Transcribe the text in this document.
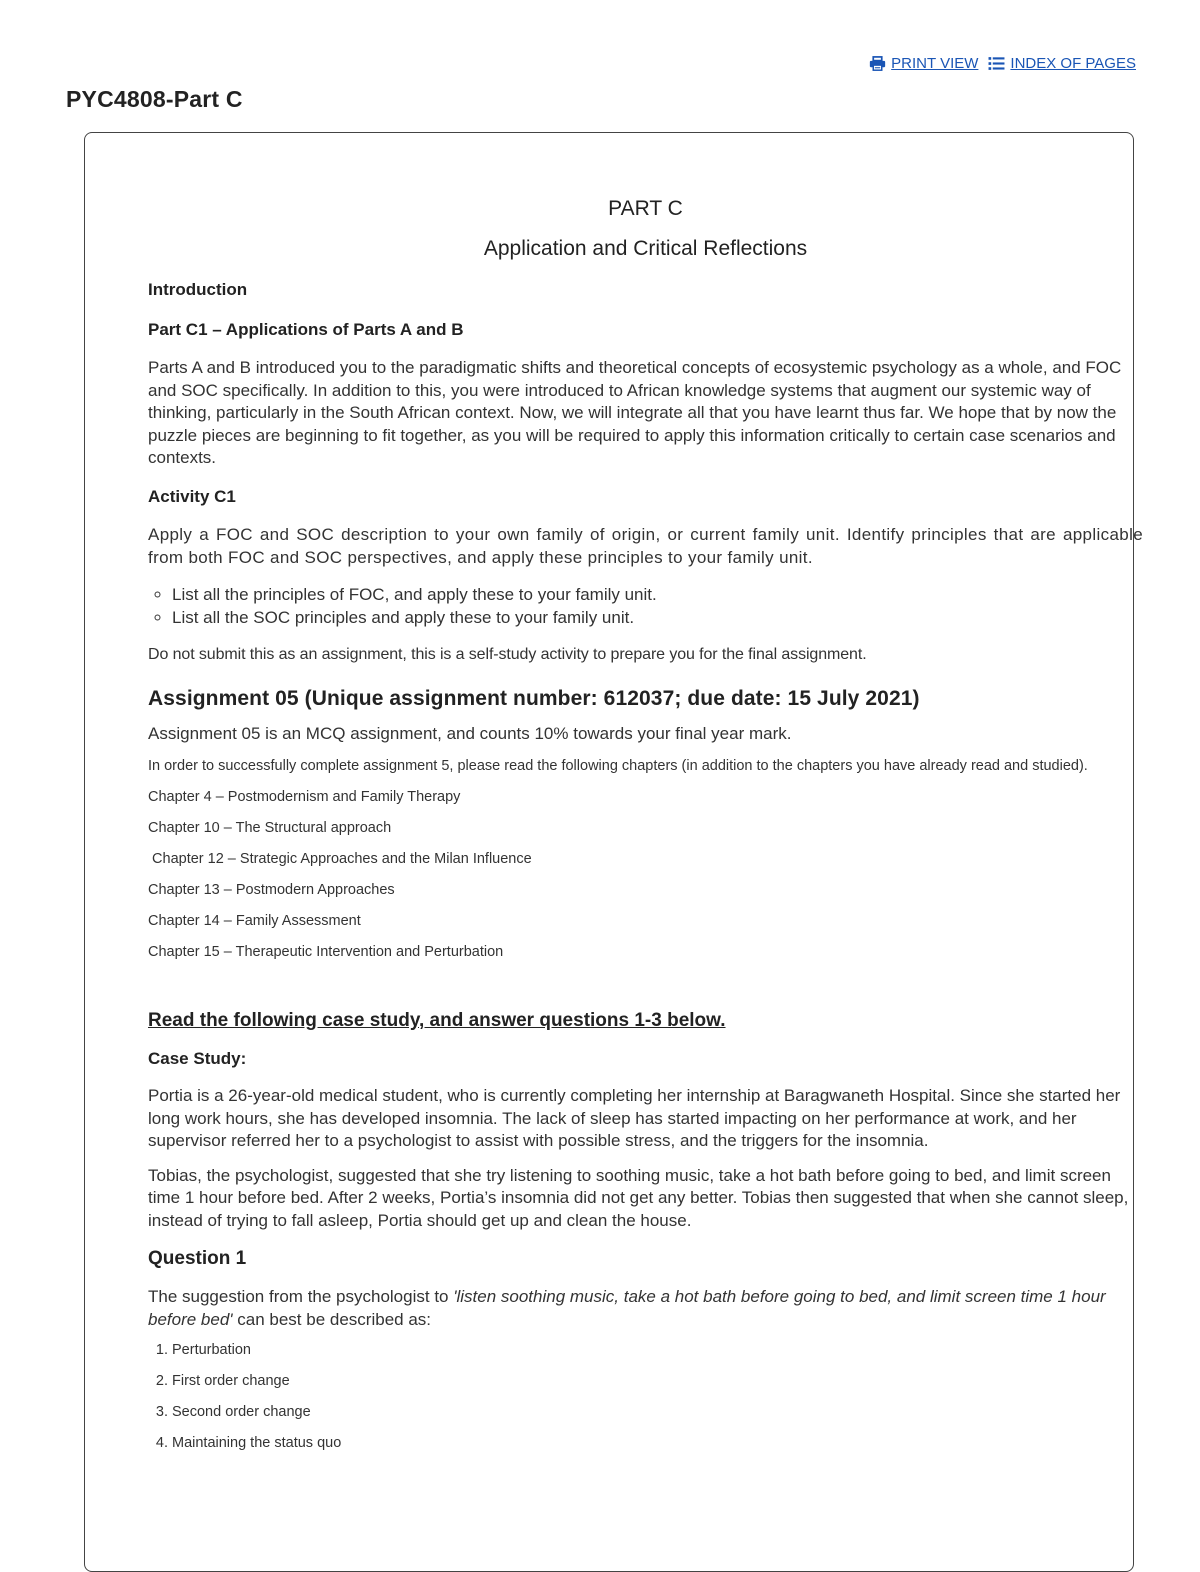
PRINT VIEW INDEX OF PAGES
PYC4808-Part C
PART C
Application and Critical Reflections

Introduction

Part C1 – Applications of Parts A and B

Parts A and B introduced you to the paradigmatic shifts and theoretical concepts of ecosystemic psychology as a whole, and FOC and SOC specifically. In addition to this, you were introduced to African knowledge systems that augment our systemic way of thinking, particularly in the South African context. Now, we will integrate all that you have learnt thus far. We hope that by now the puzzle pieces are beginning to fit together, as you will be required to apply this information critically to certain case scenarios and contexts.

Activity C1

Apply a FOC and SOC description to your own family of origin, or current family unit. Identify principles that are applicable from both FOC and SOC perspectives, and apply these principles to your family unit.

◦ List all the principles of FOC, and apply these to your family unit.
◦ List all the SOC principles and apply these to your family unit.

Do not submit this as an assignment, this is a self-study activity to prepare you for the final assignment.

Assignment 05 (Unique assignment number: 612037; due date: 15 July 2021)

Assignment 05 is an MCQ assignment, and counts 10% towards your final year mark.

In order to successfully complete assignment 5, please read the following chapters (in addition to the chapters you have already read and studied).

Chapter 4 – Postmodernism and Family Therapy

Chapter 10 – The Structural approach

Chapter 12 – Strategic Approaches and the Milan Influence

Chapter 13 – Postmodern Approaches

Chapter 14 – Family Assessment

Chapter 15 – Therapeutic Intervention and Perturbation

Read the following case study, and answer questions 1-3 below.

Case Study:

Portia is a 26-year-old medical student, who is currently completing her internship at Baragwaneth Hospital. Since she started her long work hours, she has developed insomnia. The lack of sleep has started impacting on her performance at work, and her supervisor referred her to a psychologist to assist with possible stress, and the triggers for the insomnia.

Tobias, the psychologist, suggested that she try listening to soothing music, take a hot bath before going to bed, and limit screen time 1 hour before bed. After 2 weeks, Portia’s insomnia did not get any better. Tobias then suggested that when she cannot sleep, instead of trying to fall asleep, Portia should get up and clean the house.

Question 1

The suggestion from the psychologist to 'listen soothing music, take a hot bath before going to bed, and limit screen time 1 hour before bed' can best be described as:

1. Perturbation
2. First order change
3. Second order change
4. Maintaining the status quo
